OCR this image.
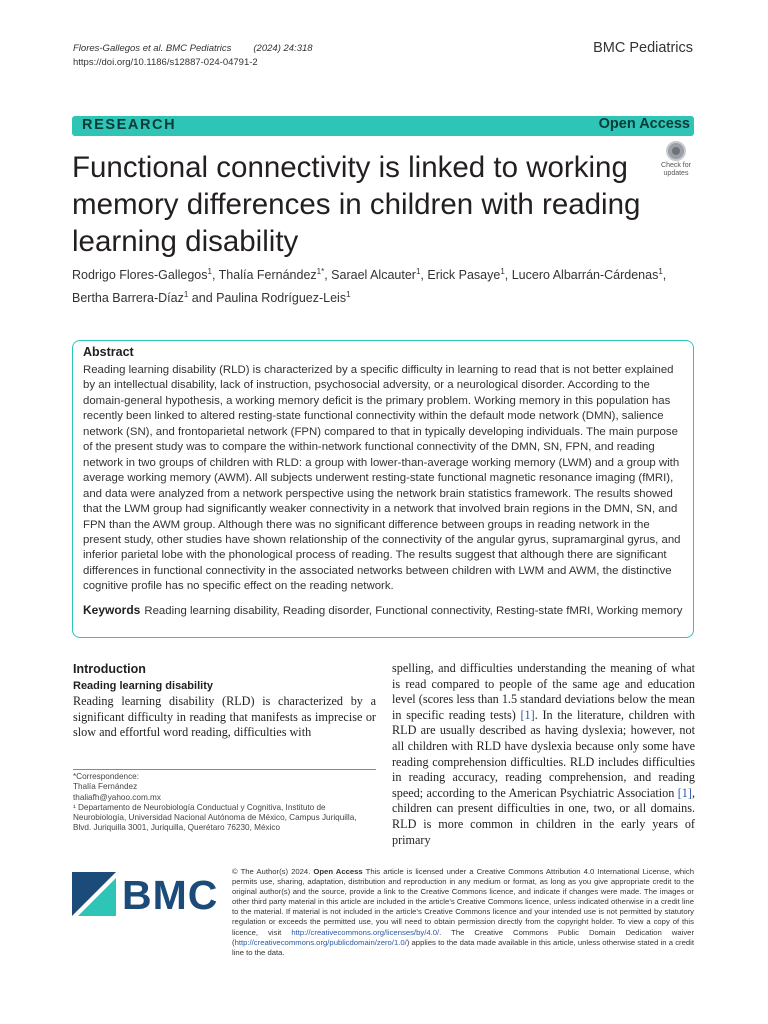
Flores-Gallegos et al. BMC Pediatrics (2024) 24:318
https://doi.org/10.1186/s12887-024-04791-2
BMC Pediatrics
RESEARCH	Open Access
Functional connectivity is linked to working memory differences in children with reading learning disability
Check for
updates
Rodrigo Flores-Gallegos$^1$, Thalía Fernández$^{1*}$, Sarael Alcauter$^1$, Erick Pasaye$^1$, Lucero Albarrán-Cárdenas$^1$,
Bertha Barrera-Díaz$^1$ and Paulina Rodríguez-Leis$^1$
Abstract
Reading learning disability (RLD) is characterized by a specific difficulty in learning to read that is not better explained by an intellectual disability, lack of instruction, psychosocial adversity, or a neurological disorder. According to the domain-general hypothesis, a working memory deficit is the primary problem. Working memory in this population has recently been linked to altered resting-state functional connectivity within the default mode network (DMN), salience network (SN), and frontoparietal network (FPN) compared to that in typically developing individuals. The main purpose of the present study was to compare the within-network functional connectivity of the DMN, SN, FPN, and reading network in two groups of children with RLD: a group with lower-than-average working memory (LWM) and a group with average working memory (AWM). All subjects underwent resting-state functional magnetic resonance imaging (fMRI), and data were analyzed from a network perspective using the network brain statistics framework. The results showed that the LWM group had significantly weaker connectivity in a network that involved brain regions in the DMN, SN, and FPN than the AWM group. Although there was no significant difference between groups in reading network in the present study, other studies have shown relationship of the connectivity of the angular gyrus, supramarginal gyrus, and inferior parietal lobe with the phonological process of reading. The results suggest that although there are significant differences in functional connectivity in the associated networks between children with LWM and AWM, the distinctive cognitive profile has no specific effect on the reading network.
Keywords Reading learning disability, Reading disorder, Functional connectivity, Resting-state fMRI, Working memory
Introduction
Reading learning disability
Reading learning disability (RLD) is characterized by a significant difficulty in reading that manifests as imprecise or slow and effortful word reading, difficulties with
spelling, and difficulties understanding the meaning of what is read compared to people of the same age and education level (scores less than 1.5 standard deviations below the mean in specific reading tests) [1]. In the literature, children with RLD are usually described as having dyslexia; however, not all children with RLD have dyslexia because only some have reading comprehension difficulties. RLD includes difficulties in reading accuracy, reading comprehension, and reading speed; according to the American Psychiatric Association [1], children can present difficulties in one, two, or all domains. RLD is more common in children in the early years of primary
*Correspondence:
Thalía Fernández
thaliafh@yahoo.com.mx
¹ Departamento de Neurobiología Conductual y Cognitiva, Instituto de Neurobiología, Universidad Nacional Autónoma de México, Campus Juriquilla, Blvd. Juriquilla 3001, Juriquilla, Querétaro 76230, México
BMC
© The Author(s) 2024. Open Access This article is licensed under a Creative Commons Attribution 4.0 International License, which permits use, sharing, adaptation, distribution and reproduction in any medium or format, as long as you give appropriate credit to the original author(s) and the source, provide a link to the Creative Commons licence, and indicate if changes were made. The images or other third party material in this article are included in the article’s Creative Commons licence, unless indicated otherwise in a credit line to the material. If material is not included in the article’s Creative Commons licence and your intended use is not permitted by statutory regulation or exceeds the permitted use, you will need to obtain permission directly from the copyright holder. To view a copy of this licence, visit http://creativecommons.org/licenses/by/4.0/. The Creative Commons Public Domain Dedication waiver (http://creativecommons.org/publicdomain/zero/1.0/) applies to the data made available in this article, unless otherwise stated in a credit line to the data.
